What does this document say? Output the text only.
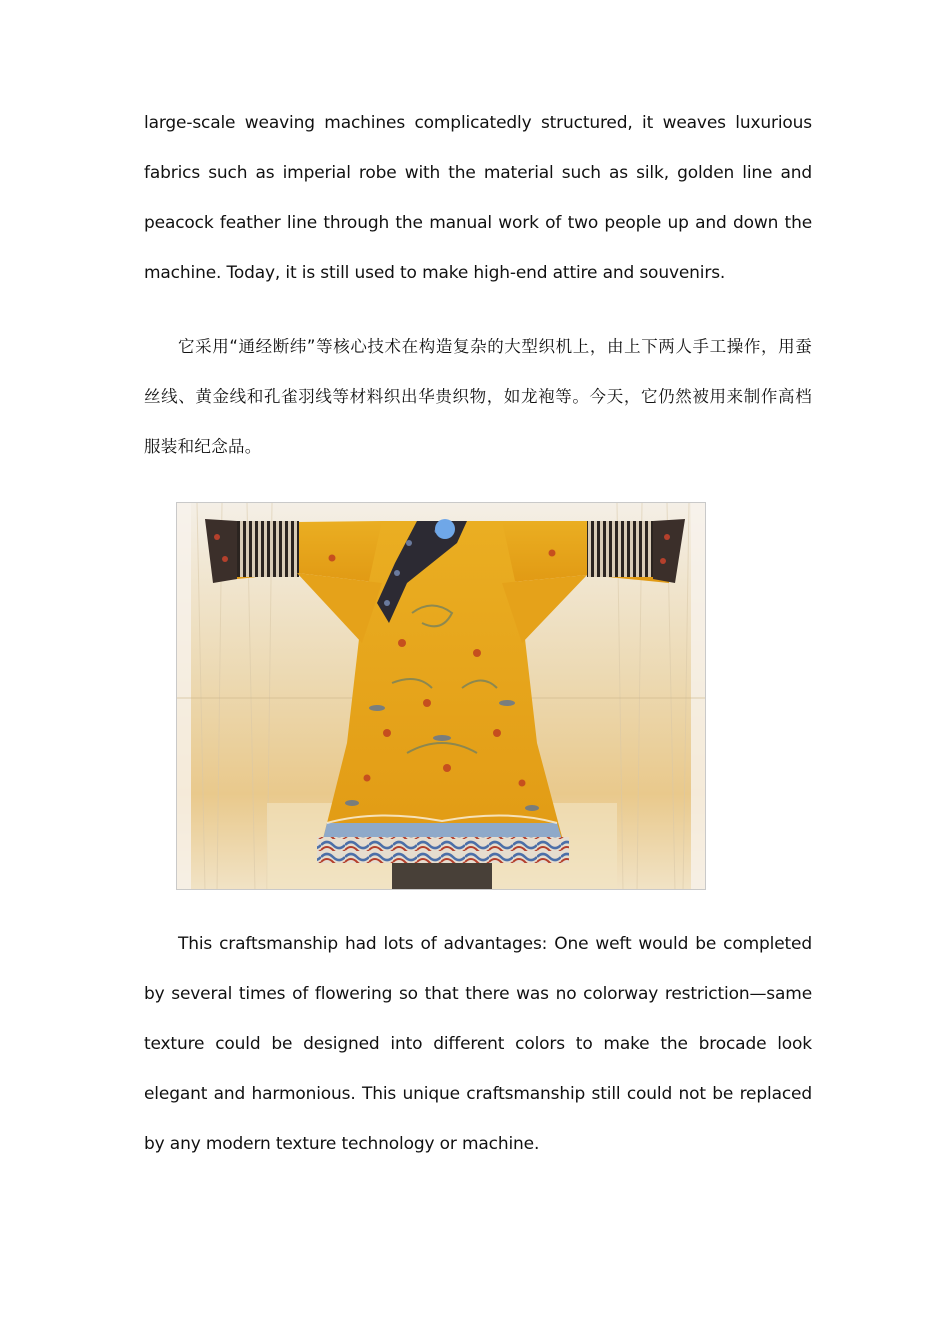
large-scale weaving machines complicatedly structured, it weaves luxurious fabrics such as imperial robe with the material such as silk, golden line and peacock feather line through the manual work of two people up and down the machine. Today, it is still used to make high-end attire and souvenirs.

它采用“通经断纬”等核心技术在构造复杂的大型织机上，由上下两人手工操作，用蚕丝线、黄金线和孔雀羽线等材料织出华贵织物，如龙袍等。今天，它仍然被用来制作高档服装和纪念品。

This craftsmanship had lots of advantages: One weft would be completed by several times of flowering so that there was no colorway restriction—same texture could be designed into different colors to make the brocade look elegant and harmonious. This unique craftsmanship still could not be replaced by any modern texture technology or machine.
